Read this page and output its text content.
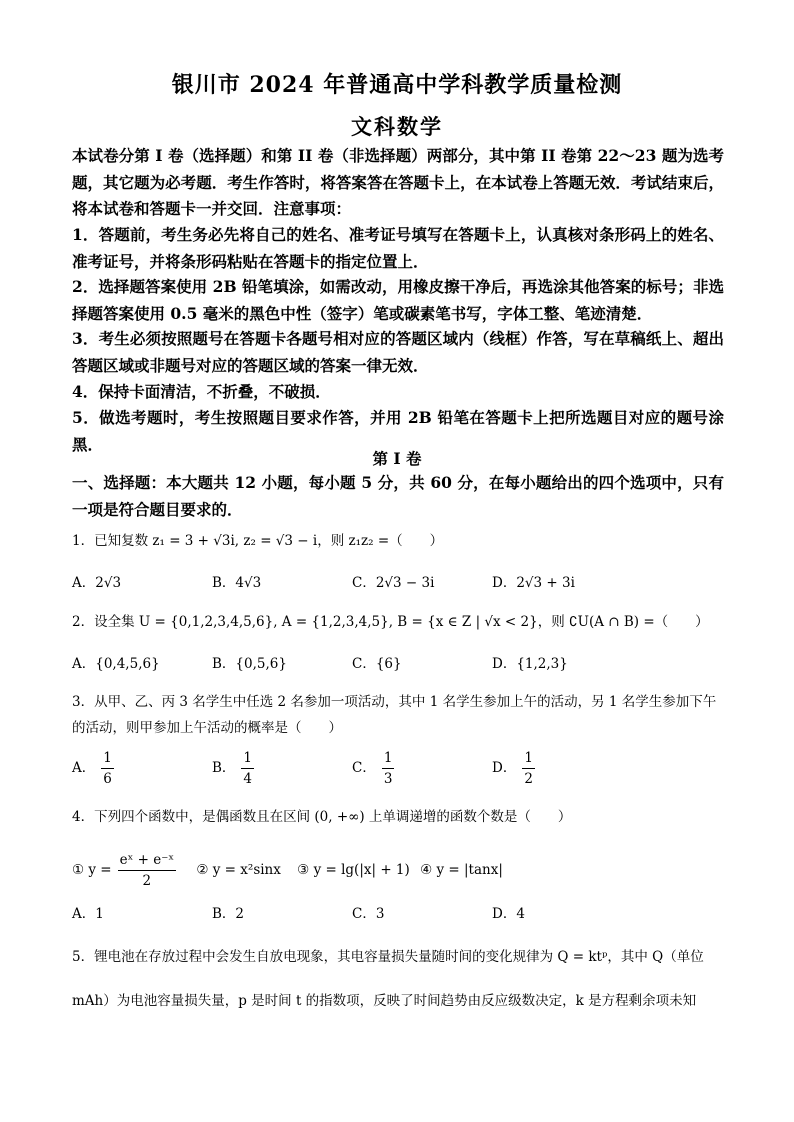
银川市 2024 年普通高中学科教学质量检测
文科数学

本试卷分第 I 卷（选择题）和第 II 卷（非选择题）两部分，其中第 II 卷第 22～23 题为选考题，其它题为必考题．考生作答时，将答案答在答题卡上，在本试卷上答题无效．考试结束后，将本试卷和答题卡一并交回．注意事项：

1．答题前，考生务必先将自己的姓名、准考证号填写在答题卡上，认真核对条形码上的姓名、准考证号，并将条形码粘贴在答题卡的指定位置上．

2．选择题答案使用 2B 铅笔填涂，如需改动，用橡皮擦干净后，再选涂其他答案的标号；非选择题答案使用 0.5 毫米的黑色中性（签字）笔或碳素笔书写，字体工整、笔迹清楚．

3．考生必须按照题号在答题卡各题号相对应的答题区域内（线框）作答，写在草稿纸上、超出答题区域或非题号对应的答题区域的答案一律无效．

4．保持卡面清洁，不折叠，不破损．

5．做选考题时，考生按照题目要求作答，并用 2B 铅笔在答题卡上把所选题目对应的题号涂黑．

第 I 卷

一、选择题：本大题共 12 小题，每小题 5 分，共 60 分，在每小题给出的四个选项中，只有一项是符合题目要求的．

1．已知复数 z₁ = 3 + √3i, z₂ = √3 − i，则 z₁z₂ =（　　）

A．2√3	B．4√3	C．2√3 − 3i	D．2√3 + 3i

2．设全集 U = {0,1,2,3,4,5,6}, A = {1,2,3,4,5}, B = {x ∈ Z | √x < 2}，则 ∁U(A ∩ B) =（　　）

A．{0,4,5,6}	B．{0,5,6}	C．{6}	D．{1,2,3}

3．从甲、乙、丙 3 名学生中任选 2 名参加一项活动，其中 1 名学生参加上午的活动，另 1 名学生参加下午的活动，则甲参加上午活动的概率是（　　）

A． $\frac{1}{6}$	B． $\frac{1}{4}$	C． $\frac{1}{3}$	D． $\frac{1}{2}$

4．下列四个函数中，是偶函数且在区间 (0, +∞) 上单调递增的函数个数是（　　）

① $y = \frac{\text{eˣ + e⁻ˣ}}{2}$ ② y = x²sinx ③ y = lg(|x| + 1) ④ y = |tanx|
A．1	B．2	C．3	D．4

5．锂电池在存放过程中会发生自放电现象，其电容量损失量随时间的变化规律为 Q = ktᵖ，其中 Q（单位 mAh）为电池容量损失量，p 是时间 t 的指数项，反映了时间趋势由反应级数决定，k 是方程剩余项未知
